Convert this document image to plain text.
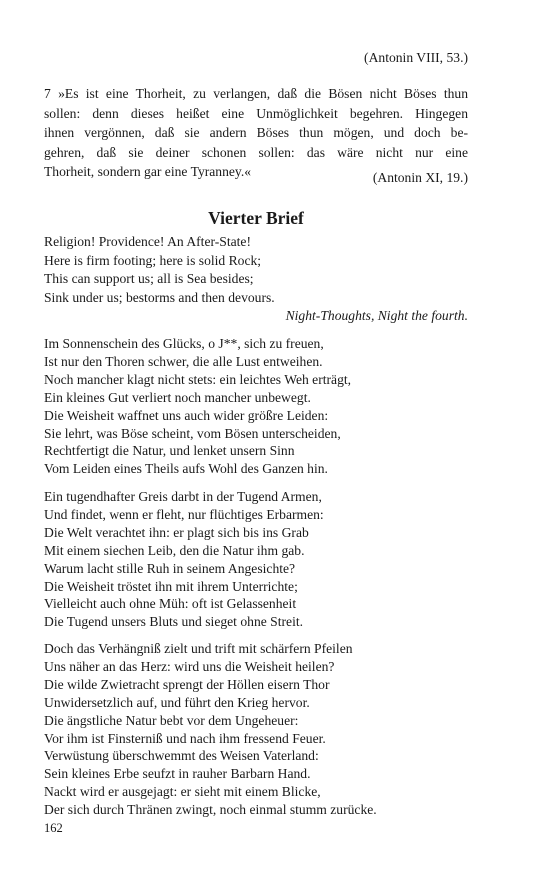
(Antonin VIII, 53.)
7 »Es ist eine Thorheit, zu verlangen, daß die Bösen nicht Böses thun
sollen: denn dieses heißet eine Unmöglichkeit begehren. Hingegen
ihnen vergönnen, daß sie andern Böses thun mögen, und doch be-
gehren, daß sie deiner schonen sollen: das wäre nicht nur eine
Thorheit, sondern gar eine Tyranney.«	(Antonin XI, 19.)
Vierter Brief
Religion! Providence! An After-State!
Here is firm footing; here is solid Rock;
This can support us; all is Sea besides;
Sink under us; bestorms and then devours.
Night-Thoughts, Night the fourth.
Im Sonnenschein des Glücks, o J**, sich zu freuen,
Ist nur den Thoren schwer, die alle Lust entweihen.
Noch mancher klagt nicht stets: ein leichtes Weh erträgt,
Ein kleines Gut verliert noch mancher unbewegt.
Die Weisheit waffnet uns auch wider größre Leiden:
Sie lehrt, was Böse scheint, vom Bösen unterscheiden,
Rechtfertigt die Natur, und lenket unsern Sinn
Vom Leiden eines Theils aufs Wohl des Ganzen hin.
Ein tugendhafter Greis darbt in der Tugend Armen,
Und findet, wenn er fleht, nur flüchtiges Erbarmen:
Die Welt verachtet ihn: er plagt sich bis ins Grab
Mit einem siechen Leib, den die Natur ihm gab.
Warum lacht stille Ruh in seinem Angesichte?
Die Weisheit tröstet ihn mit ihrem Unterrichte;
Vielleicht auch ohne Müh: oft ist Gelassenheit
Die Tugend unsers Bluts und sieget ohne Streit.
Doch das Verhängniß zielt und trift mit schärfern Pfeilen
Uns näher an das Herz: wird uns die Weisheit heilen?
Die wilde Zwietracht sprengt der Höllen eisern Thor
Unwidersetzlich auf, und führt den Krieg hervor.
Die ängstliche Natur bebt vor dem Ungeheuer:
Vor ihm ist Finsterniß und nach ihm fressend Feuer.
Verwüstung überschwemmt des Weisen Vaterland:
Sein kleines Erbe seufzt in rauher Barbarn Hand.
Nackt wird er ausgejagt: er sieht mit einem Blicke,
Der sich durch Thränen zwingt, noch einmal stumm zurücke.
162
